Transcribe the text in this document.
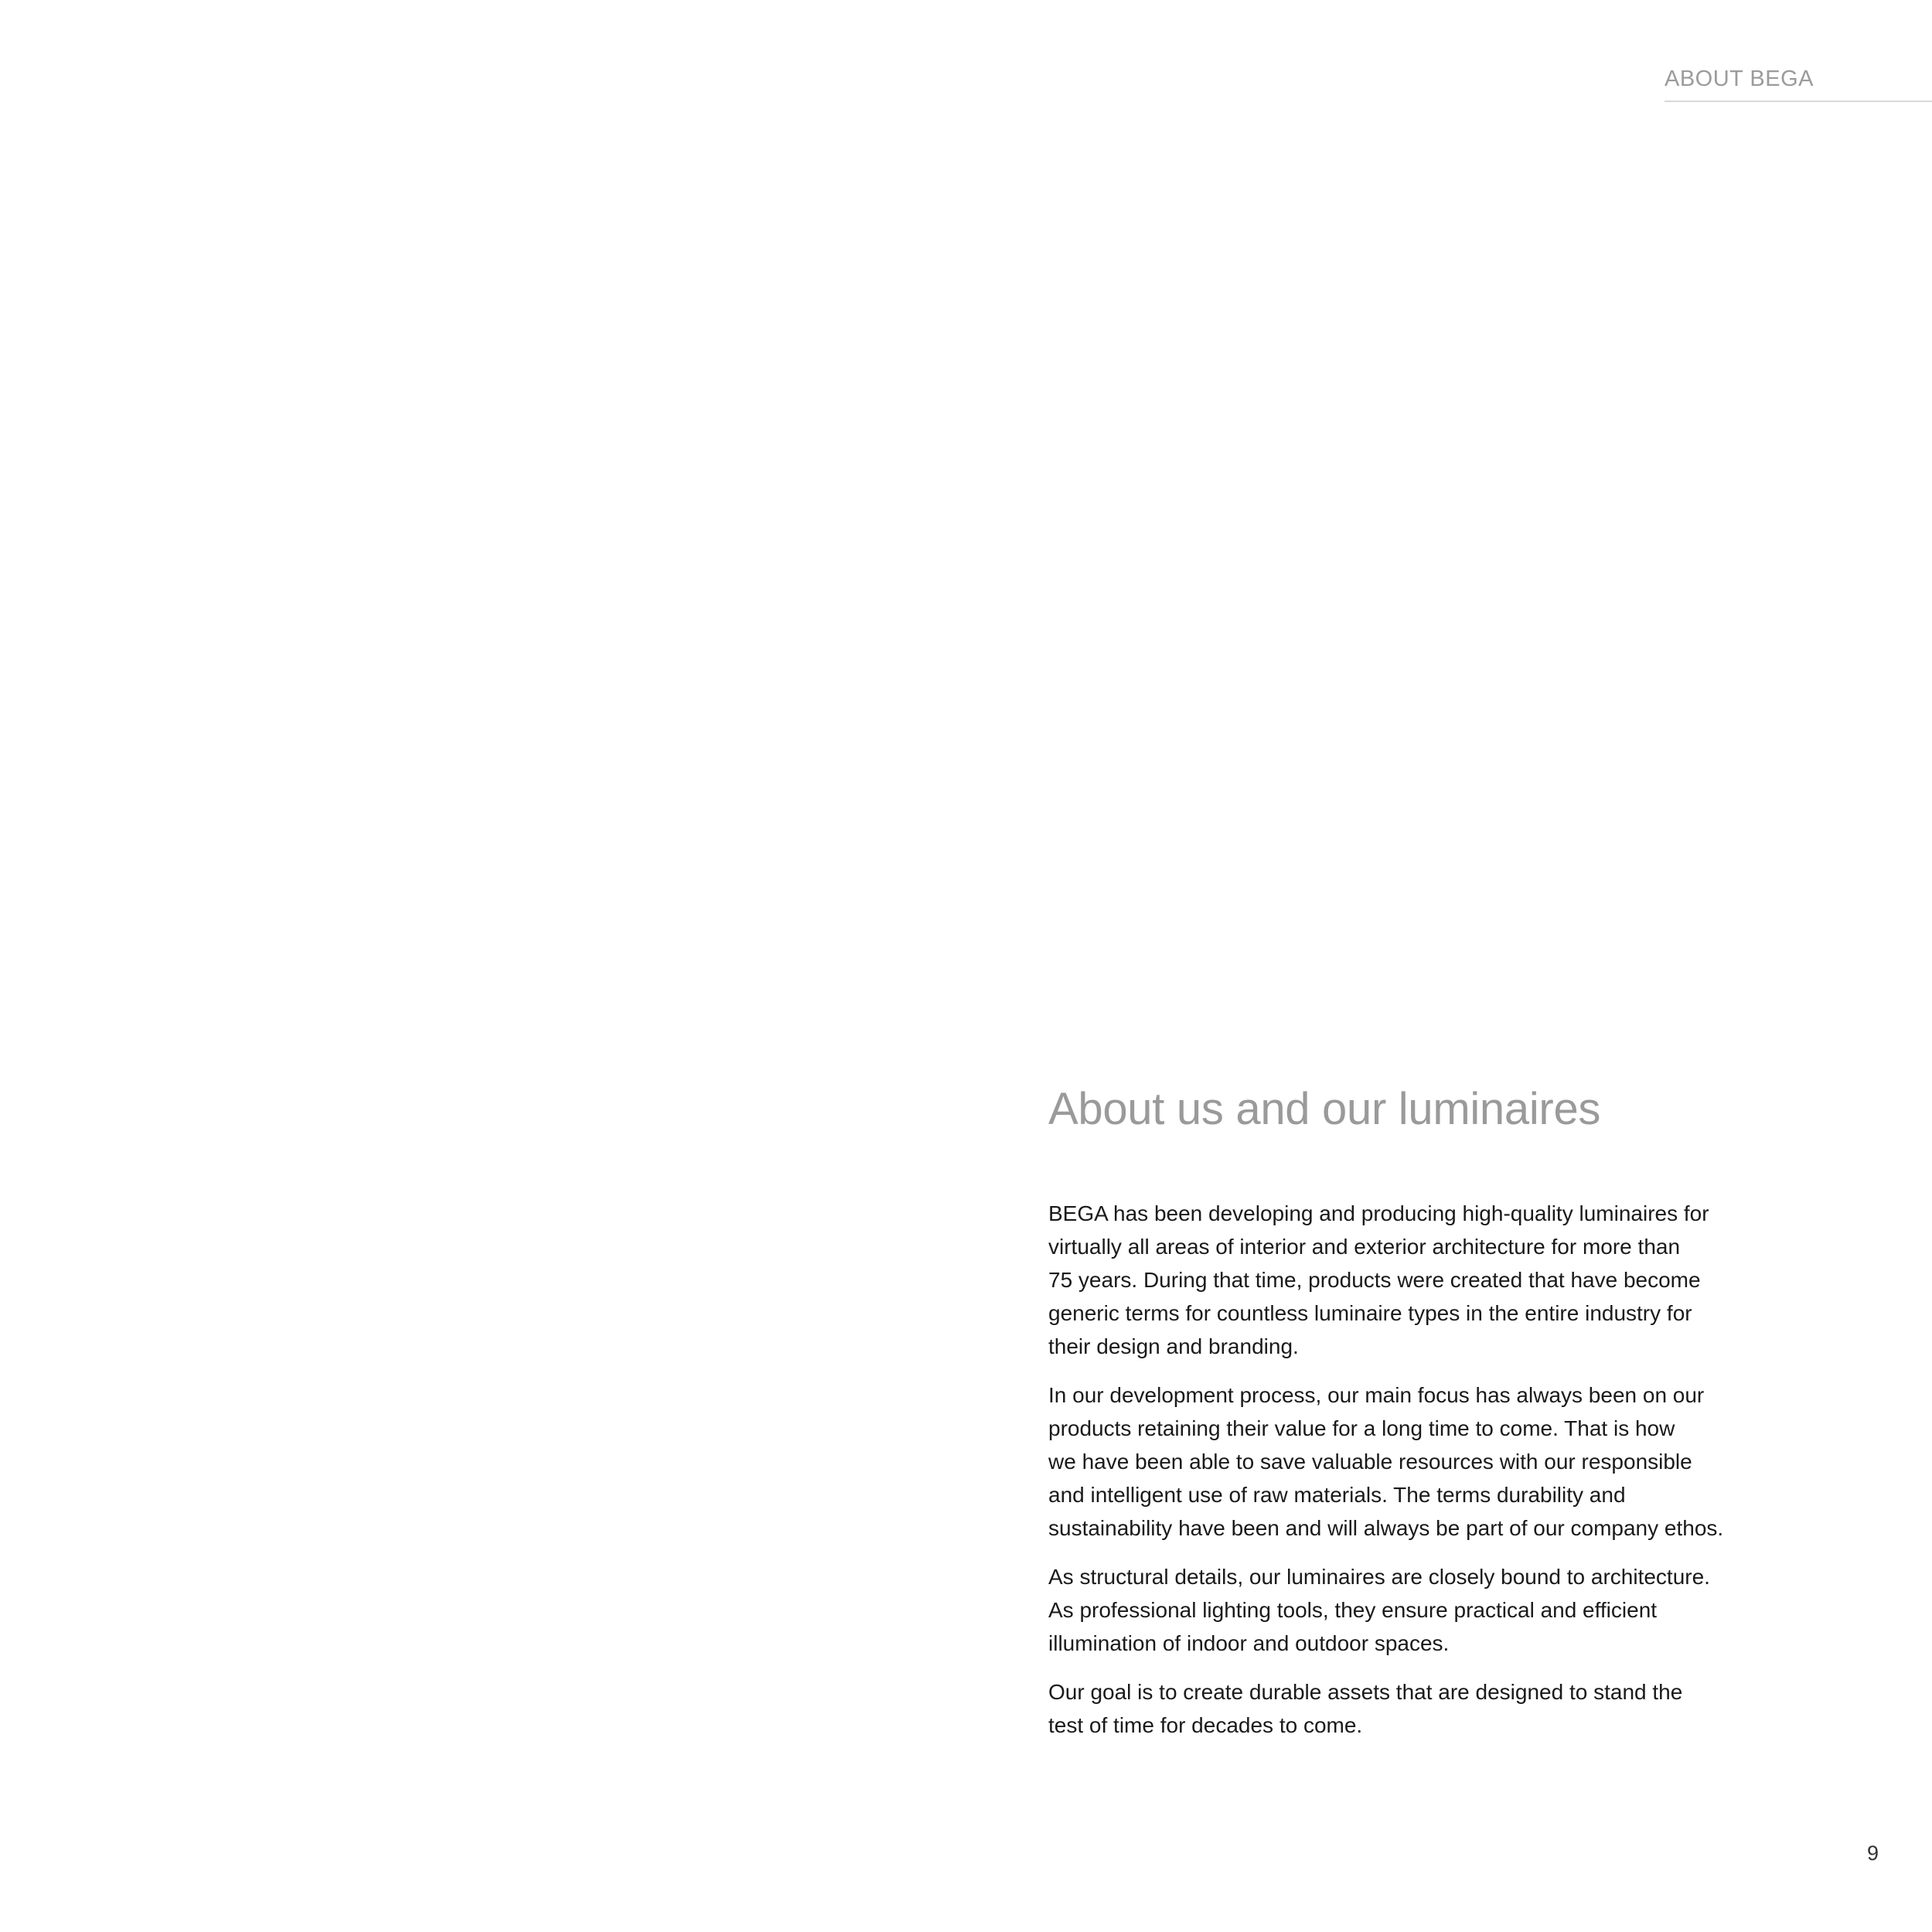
ABOUT BEGA
About us and our luminaires

BEGA has been developing and producing high-quality luminaires for
virtually all areas of interior and exterior architecture for more than
75 years. During that time, products were created that have become
generic terms for countless luminaire types in the entire industry for
their design and branding.

In our development process, our main focus has always been on our
products retaining their value for a long time to come. That is how
we have been able to save valuable resources with our responsible
and intelligent use of raw materials. The terms durability and
sustainability have been and will always be part of our company ethos.

As structural details, our luminaires are closely bound to architecture.
As professional lighting tools, they ensure practical and efficient
illumination of indoor and outdoor spaces.

Our goal is to create durable assets that are designed to stand the
test of time for decades to come.

9
